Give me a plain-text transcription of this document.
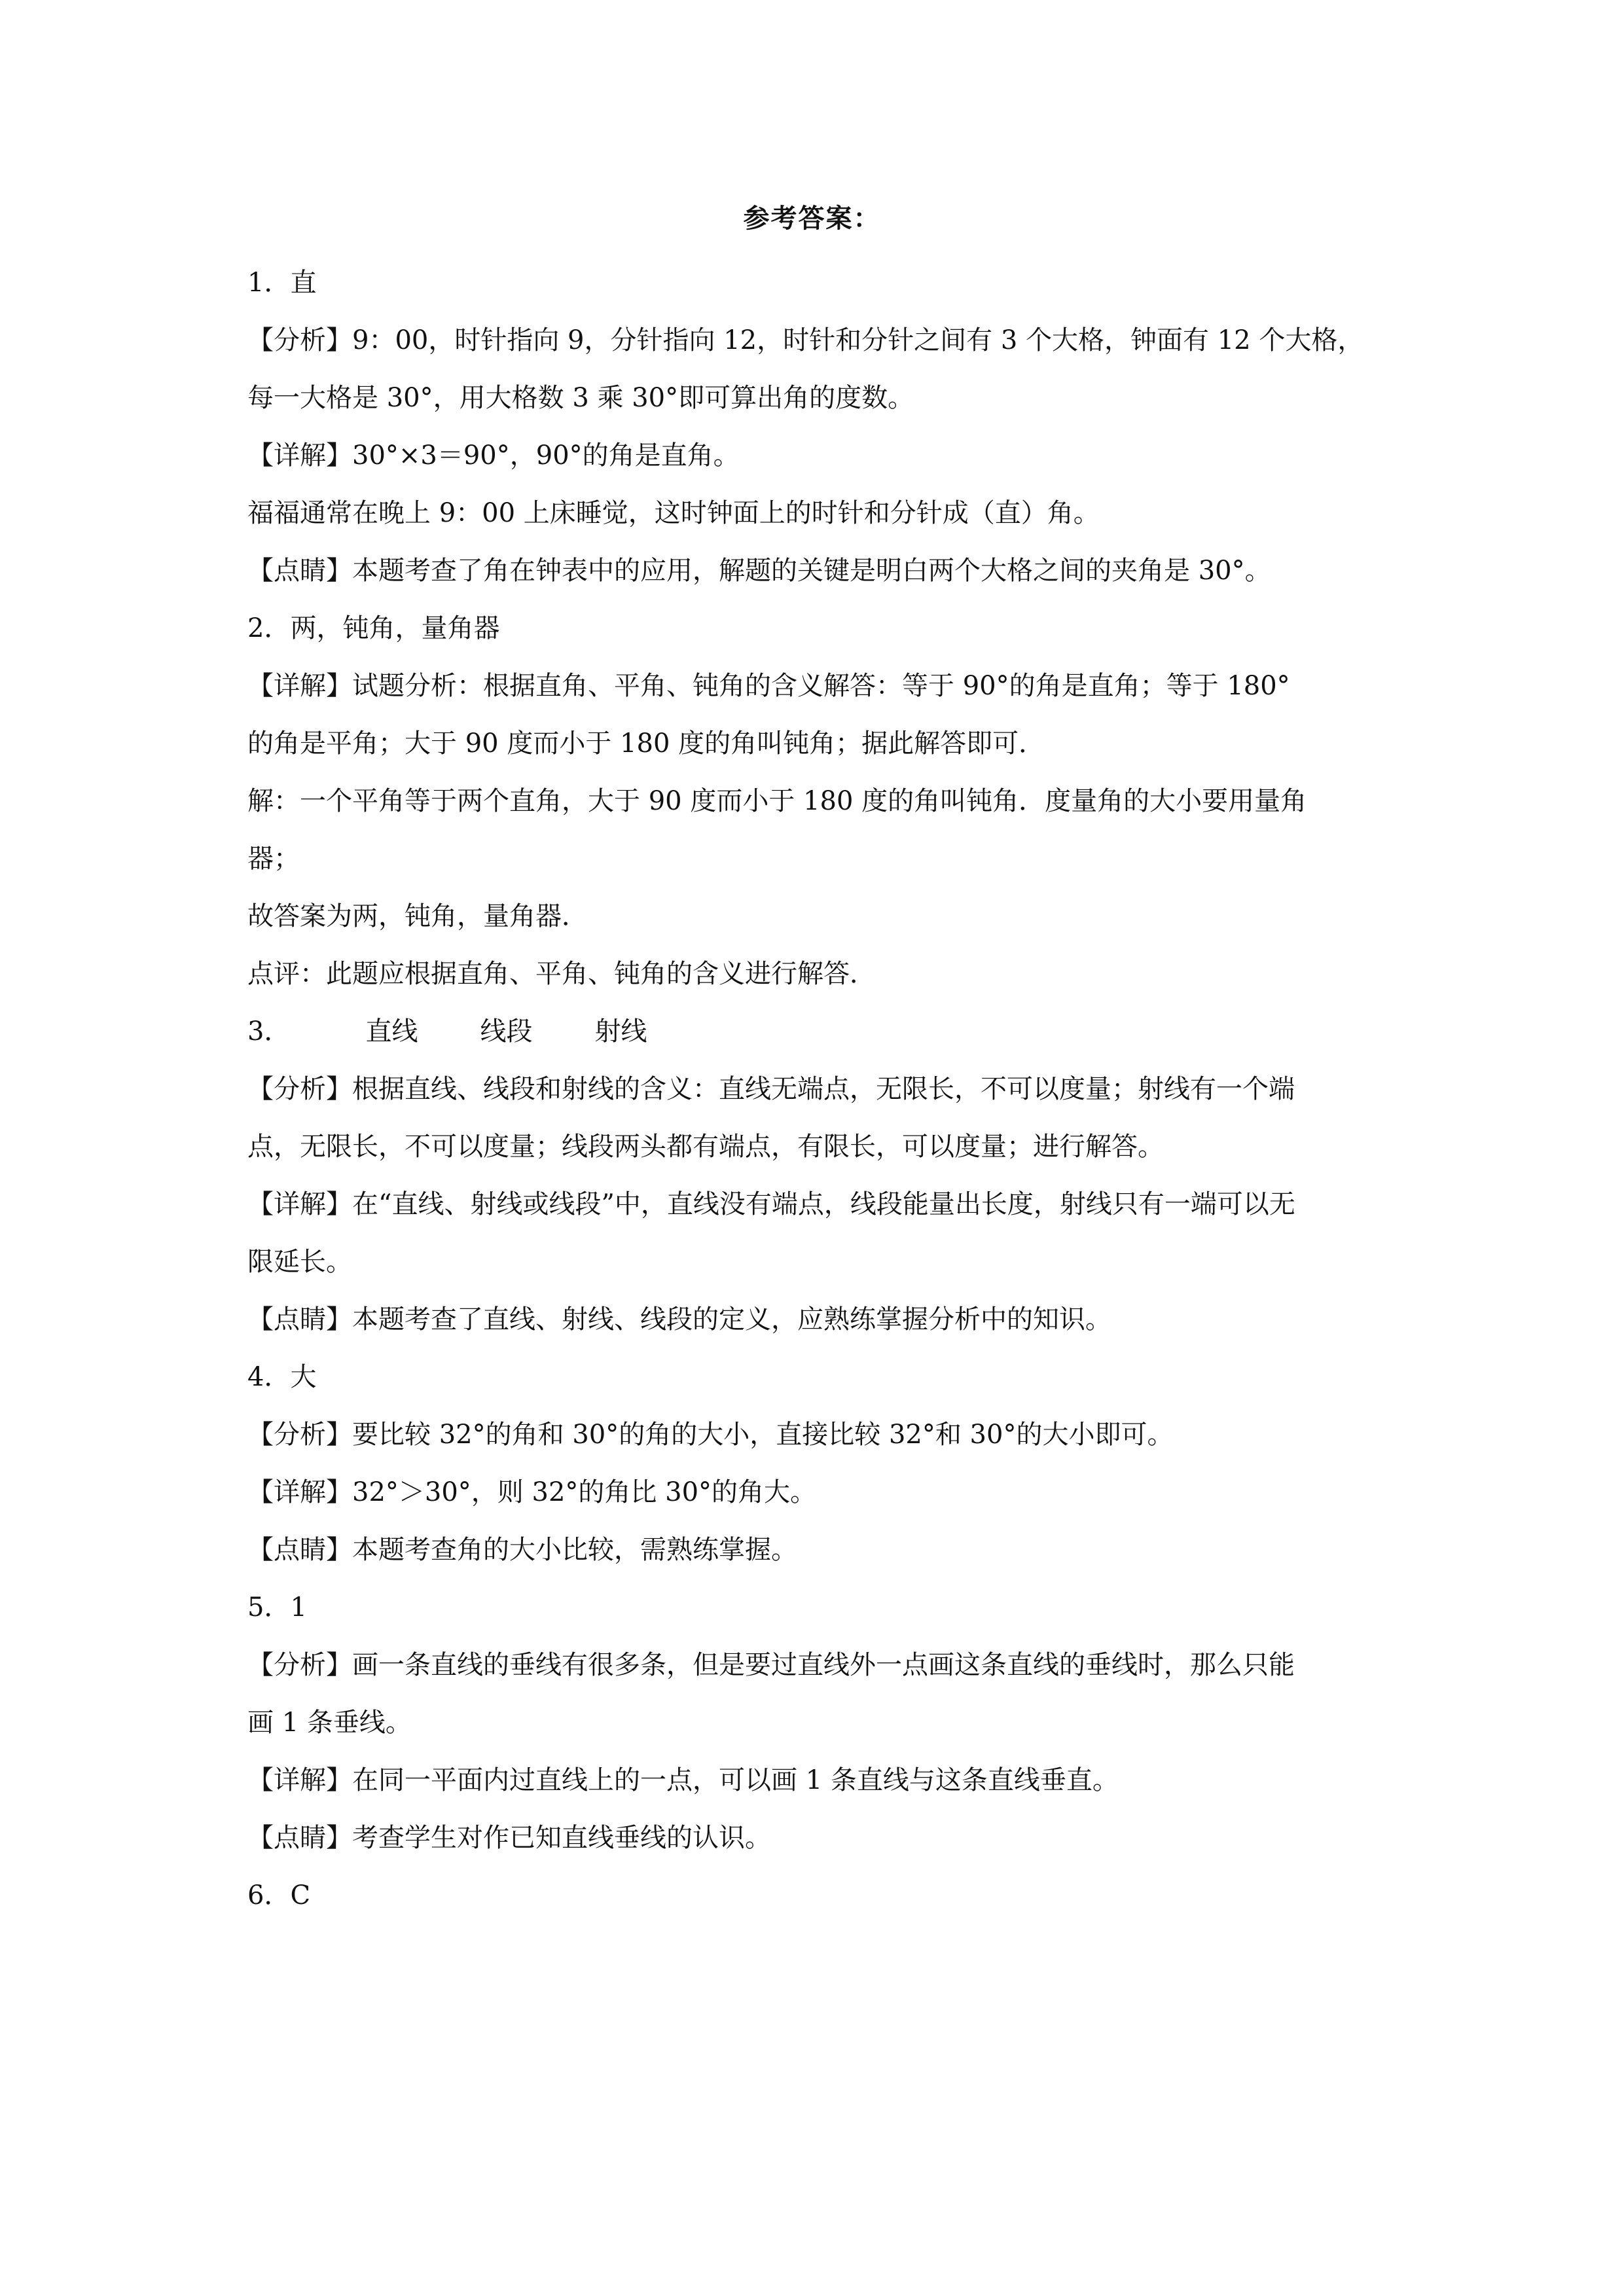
参考答案：
1．直
【分析】9：00，时针指向 9，分针指向 12，时针和分针之间有 3 个大格，钟面有 12 个大格，
每一大格是 30°，用大格数 3 乘 30°即可算出角的度数。
【详解】30°×3＝90°，90°的角是直角。
福福通常在晚上 9：00 上床睡觉，这时钟面上的时针和分针成（直）角。
【点睛】本题考查了角在钟表中的应用，解题的关键是明白两个大格之间的夹角是 30°。
2．两，钝角，量角器
【详解】试题分析：根据直角、平角、钝角的含义解答：等于 90°的角是直角；等于 180°
的角是平角；大于 90 度而小于 180 度的角叫钝角；据此解答即可．
解：一个平角等于两个直角，大于 90 度而小于 180 度的角叫钝角．度量角的大小要用量角
器；
故答案为两，钝角，量角器．
点评：此题应根据直角、平角、钝角的含义进行解答．
3．	直线 线段 射线
【分析】根据直线、线段和射线的含义：直线无端点，无限长，不可以度量；射线有一个端
点，无限长，不可以度量；线段两头都有端点，有限长，可以度量；进行解答。
【详解】在“直线、射线或线段”中，直线没有端点，线段能量出长度，射线只有一端可以无
限延长。
【点睛】本题考查了直线、射线、线段的定义，应熟练掌握分析中的知识。
4．大
【分析】要比较 32°的角和 30°的角的大小，直接比较 32°和 30°的大小即可。
【详解】32°＞30°，则 32°的角比 30°的角大。
【点睛】本题考查角的大小比较，需熟练掌握。
5．1
【分析】画一条直线的垂线有很多条，但是要过直线外一点画这条直线的垂线时，那么只能
画 1 条垂线。
【详解】在同一平面内过直线上的一点，可以画 1 条直线与这条直线垂直。
【点睛】考查学生对作已知直线垂线的认识。
6．C
